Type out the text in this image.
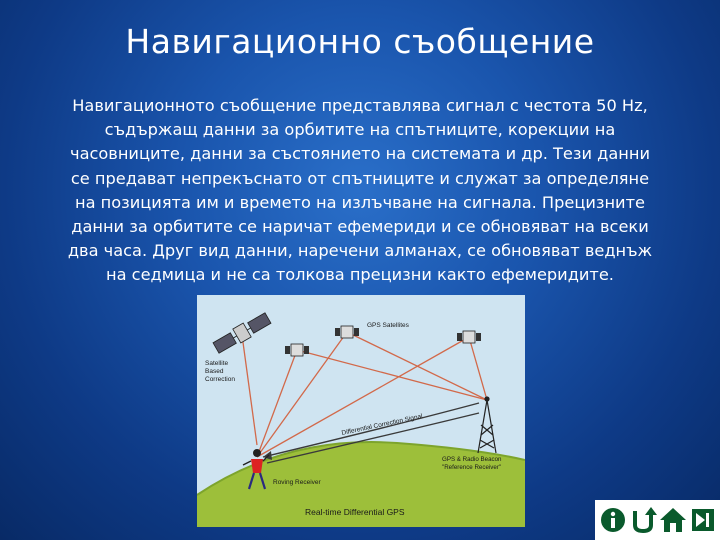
Навигационно съобщение
Навигационното съобщение представлява сигнал с честота 50 Hz,
съдържащ данни за орбитите на спътниците, корекции на
часовниците, данни за състоянието на системата и др. Тези данни
се предават непрекъснато от спътниците и служат за определяне
на позицията им и времето на излъчване на сигнала. Прецизните
данни за орбитите се наричат ефемериди и се обновяват на всеки
два часа. Друг вид данни, наречени алманах, се обновяват веднъж
на седмица и не са толкова прецизни както ефемеридите.
GPS Satellites
Satellite
Based
Correction
Differential Correction Signal
GPS & Radio Beacon
"Reference Receiver"
Roving Receiver
Real-time Differential GPS
